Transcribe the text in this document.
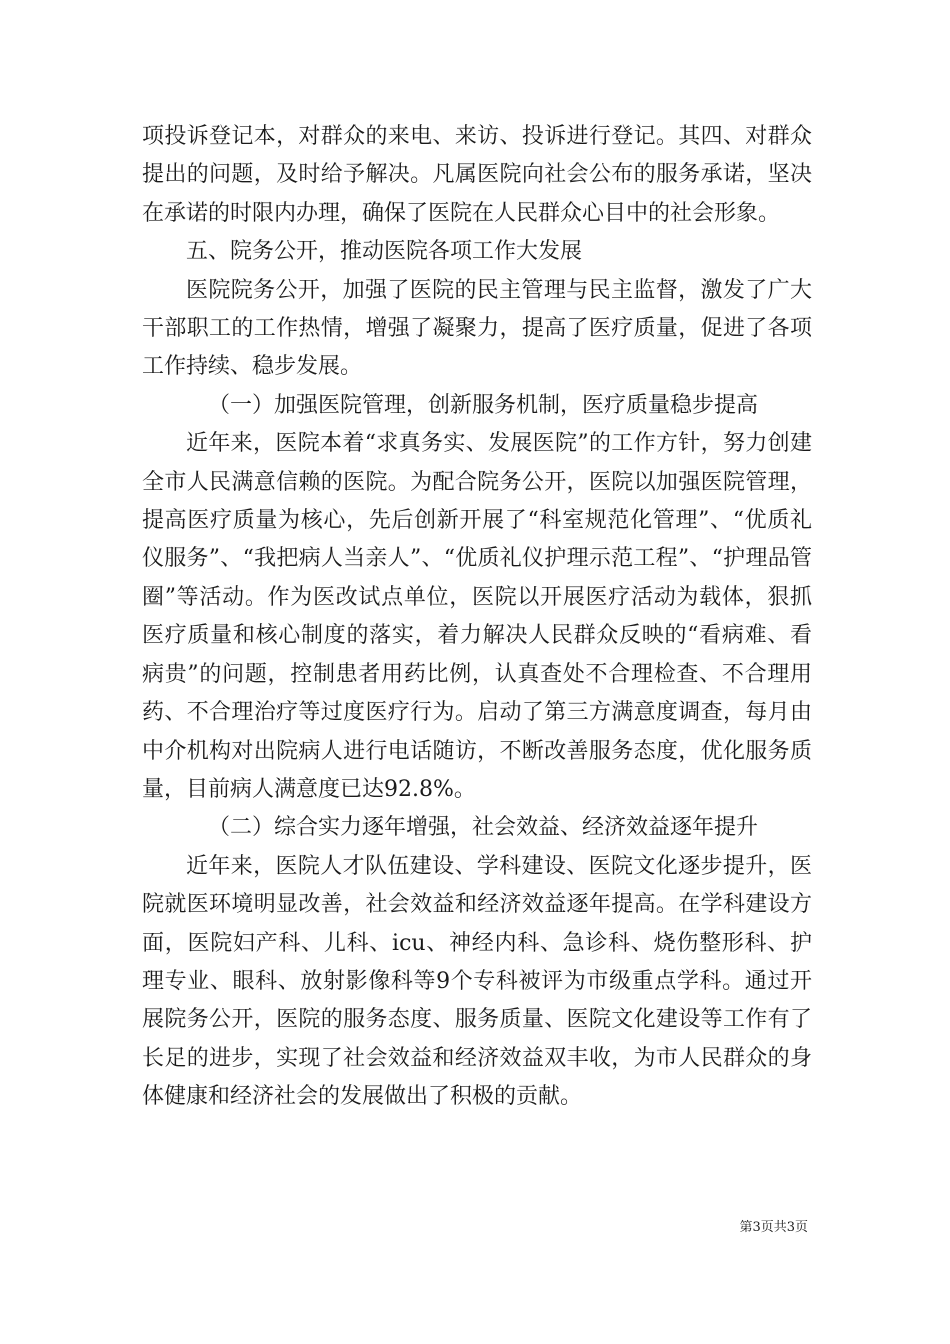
项投诉登记本，对群众的来电、来访、投诉进行登记。其四、对群众提出的问题，及时给予解决。凡属医院向社会公布的服务承诺，坚决在承诺的时限内办理，确保了医院在人民群众心目中的社会形象。

五、院务公开，推动医院各项工作大发展

医院院务公开，加强了医院的民主管理与民主监督，激发了广大干部职工的工作热情，增强了凝聚力，提高了医疗质量，促进了各项工作持续、稳步发展。

（一）加强医院管理，创新服务机制，医疗质量稳步提高

近年来，医院本着“求真务实、发展医院”的工作方针，努力创建全市人民满意信赖的医院。为配合院务公开，医院以加强医院管理，提高医疗质量为核心，先后创新开展了“科室规范化管理”、“优质礼仪服务”、“我把病人当亲人”、“优质礼仪护理示范工程”、“护理品管圈”等活动。作为医改试点单位，医院以开展医疗活动为载体，狠抓医疗质量和核心制度的落实，着力解决人民群众反映的“看病难、看病贵”的问题，控制患者用药比例，认真查处不合理检查、不合理用药、不合理治疗等过度医疗行为。启动了第三方满意度调查，每月由中介机构对出院病人进行电话随访，不断改善服务态度，优化服务质量，目前病人满意度已达92.8%。

（二）综合实力逐年增强，社会效益、经济效益逐年提升

近年来，医院人才队伍建设、学科建设、医院文化逐步提升，医院就医环境明显改善，社会效益和经济效益逐年提高。在学科建设方面，医院妇产科、儿科、icu、神经内科、急诊科、烧伤整形科、护理专业、眼科、放射影像科等9个专科被评为市级重点学科。通过开展院务公开，医院的服务态度、服务质量、医院文化建设等工作有了长足的进步，实现了社会效益和经济效益双丰收，为市人民群众的身体健康和经济社会的发展做出了积极的贡献。

第3页共3页
